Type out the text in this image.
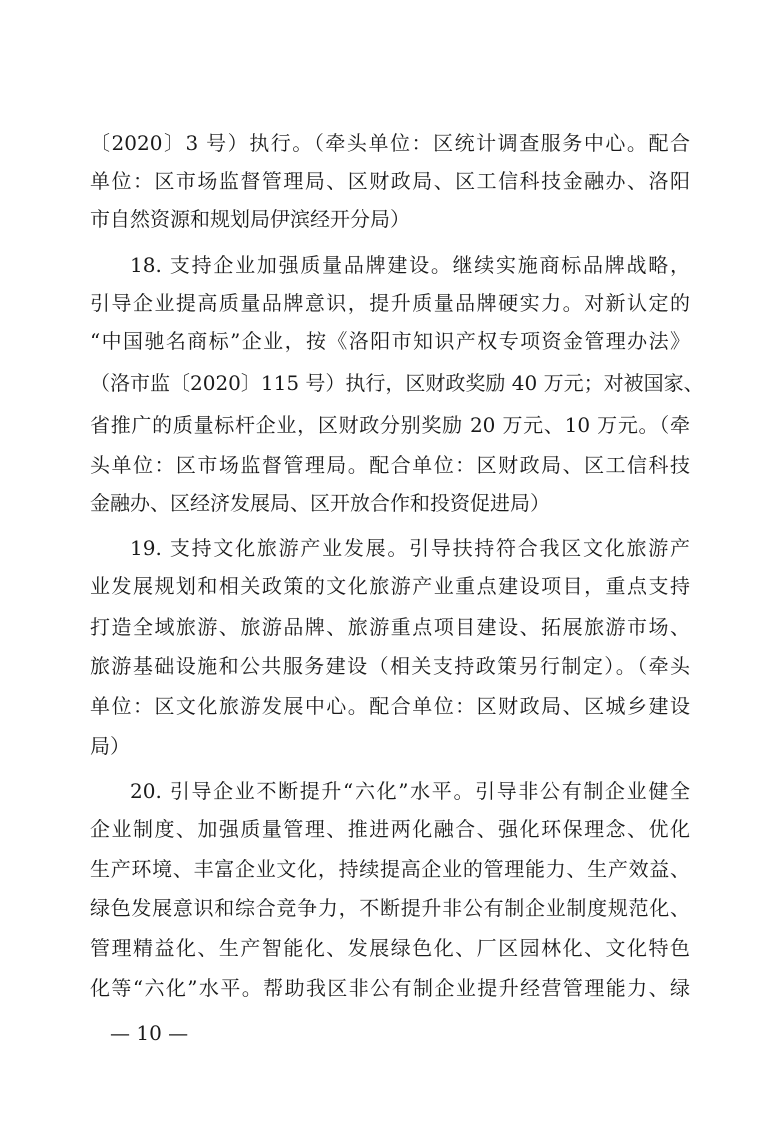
〔2020〕3 号）执行。（牵头单位：区统计调查服务中心。配合
单位：区市场监督管理局、区财政局、区工信科技金融办、洛阳
市自然资源和规划局伊滨经开分局）
18. 支持企业加强质量品牌建设。继续实施商标品牌战略，
引导企业提高质量品牌意识，提升质量品牌硬实力。对新认定的
“中国驰名商标”企业，按《洛阳市知识产权专项资金管理办法》
（洛市监〔2020〕115 号）执行，区财政奖励 40 万元；对被国家、
省推广的质量标杆企业，区财政分别奖励 20 万元、10 万元。（牵
头单位：区市场监督管理局。配合单位：区财政局、区工信科技
金融办、区经济发展局、区开放合作和投资促进局）
19. 支持文化旅游产业发展。引导扶持符合我区文化旅游产
业发展规划和相关政策的文化旅游产业重点建设项目，重点支持
打造全域旅游、旅游品牌、旅游重点项目建设、拓展旅游市场、
旅游基础设施和公共服务建设（相关支持政策另行制定）。（牵头
单位：区文化旅游发展中心。配合单位：区财政局、区城乡建设
局）
20. 引导企业不断提升“六化”水平。引导非公有制企业健全
企业制度、加强质量管理、推进两化融合、强化环保理念、优化
生产环境、丰富企业文化，持续提高企业的管理能力、生产效益、
绿色发展意识和综合竞争力，不断提升非公有制企业制度规范化、
管理精益化、生产智能化、发展绿色化、厂区园林化、文化特色
化等“六化”水平。帮助我区非公有制企业提升经营管理能力、绿
— 10 —
